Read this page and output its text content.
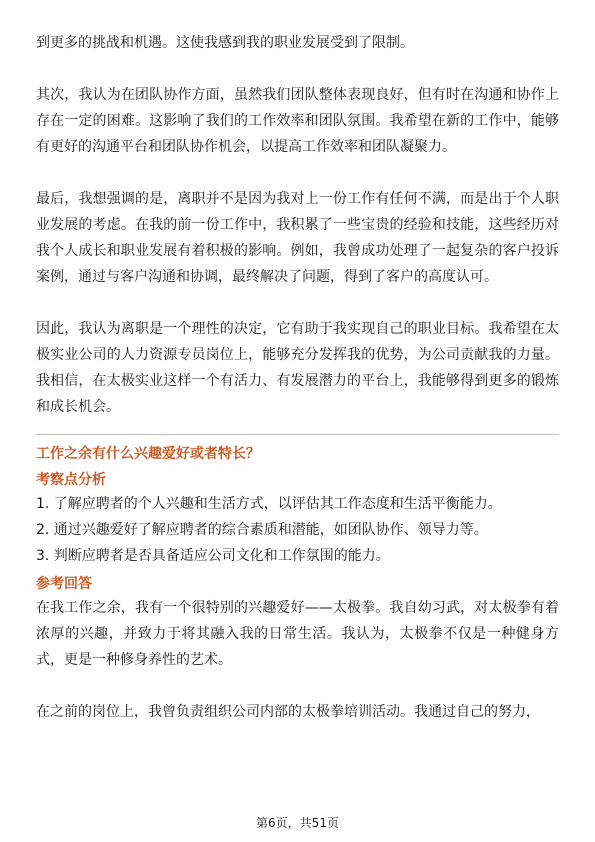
到更多的挑战和机遇。这使我感到我的职业发展受到了限制。

其次，我认为在团队协作方面，虽然我们团队整体表现良好，但有时在沟通和协作上存在一定的困难。这影响了我们的工作效率和团队氛围。我希望在新的工作中，能够有更好的沟通平台和团队协作机会，以提高工作效率和团队凝聚力。

最后，我想强调的是，离职并不是因为我对上一份工作有任何不满，而是出于个人职业发展的考虑。在我的前一份工作中，我积累了一些宝贵的经验和技能，这些经历对我个人成长和职业发展有着积极的影响。例如，我曾成功处理了一起复杂的客户投诉案例，通过与客户沟通和协调，最终解决了问题，得到了客户的高度认可。

因此，我认为离职是一个理性的决定，它有助于我实现自己的职业目标。我希望在太极实业公司的人力资源专员岗位上，能够充分发挥我的优势，为公司贡献我的力量。我相信，在太极实业这样一个有活力、有发展潜力的平台上，我能够得到更多的锻炼和成长机会。

工作之余有什么兴趣爱好或者特长？

考察点分析

1. 了解应聘者的个人兴趣和生活方式，以评估其工作态度和生活平衡能力。
2. 通过兴趣爱好了解应聘者的综合素质和潜能，如团队协作、领导力等。
3. 判断应聘者是否具备适应公司文化和工作氛围的能力。

参考回答

在我工作之余，我有一个很特别的兴趣爱好——太极拳。我自幼习武，对太极拳有着浓厚的兴趣，并致力于将其融入我的日常生活。我认为，太极拳不仅是一种健身方式，更是一种修身养性的艺术。

在之前的岗位上，我曾负责组织公司内部的太极拳培训活动。我通过自己的努力，

第6页，共51页
